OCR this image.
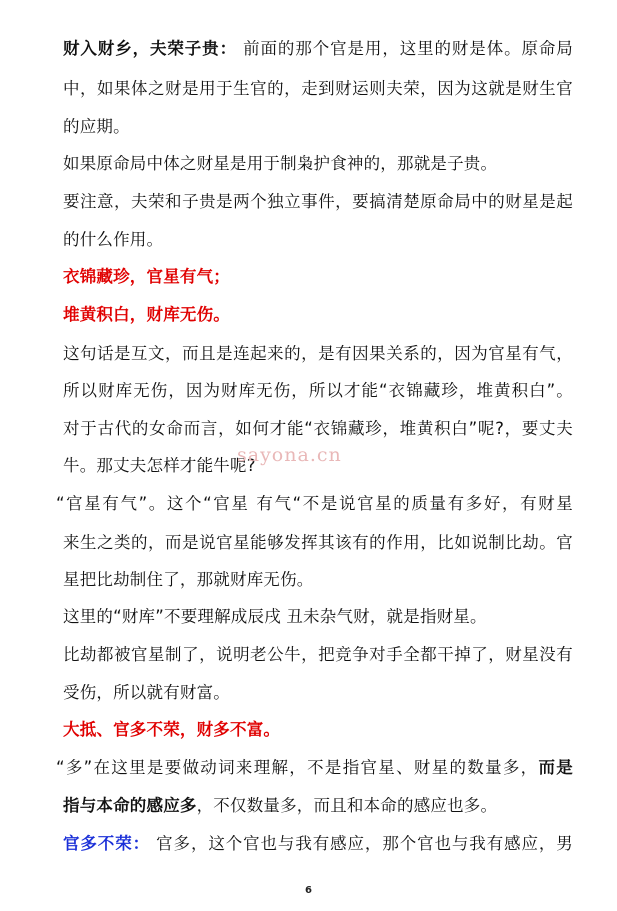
财入财乡，夫荣子贵： 前面的那个官是用，这里的财是体。原命局
中，如果体之财是用于生官的，走到财运则夫荣，因为这就是财生官
的应期。
如果原命局中体之财星是用于制枭护食神的，那就是子贵。
要注意，夫荣和子贵是两个独立事件，要搞清楚原命局中的财星是起
的什么作用。
衣锦藏珍，官星有气；
堆黄积白，财库无伤。
这句话是互文，而且是连起来的，是有因果关系的，因为官星有气，
所以财库无伤，因为财库无伤，所以才能“衣锦藏珍，堆黄积白”。
对于古代的女命而言，如何才能“衣锦藏珍，堆黄积白”呢?，要丈夫
牛。那丈夫怎样才能牛呢?
“官星有气”。这个“官星 有气“不是说官星的质量有多好，有财星
来生之类的，而是说官星能够发挥其该有的作用，比如说制比劫。官
星把比劫制住了，那就财库无伤。
这里的“财库”不要理解成辰戌 丑未杂气财，就是指财星。
比劫都被官星制了，说明老公牛，把竞争对手全都干掉了，财星没有
受伤，所以就有财富。
大抵、官多不荣，财多不富。
“多”在这里是要做动词来理解，不是指官星、财星的数量多，而是
指与本命的感应多，不仅数量多，而且和本命的感应也多。
官多不荣： 官多，这个官也与我有感应，那个官也与我有感应，男
sayona.cn
6
